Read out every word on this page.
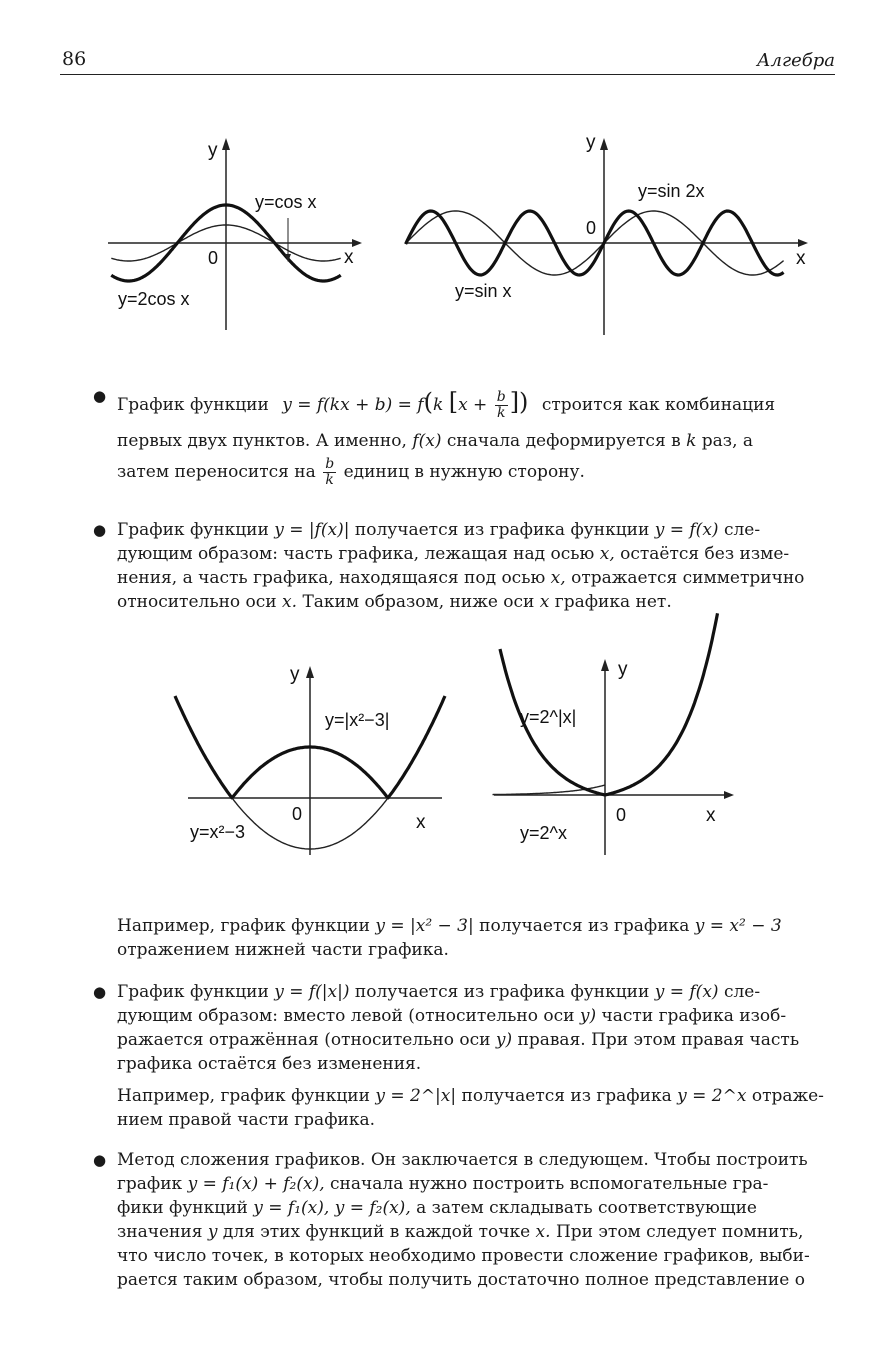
86	Алгебра
y
x
0
y=cos x
y=2cos x
y
x
0
y=sin 2x
y=sin x
● График функции y = f(kx + b) = f(k [$x + \frac{b}{k}$ ]) строится как комбинация
первых двух пунктов. А именно, f(x) сначала деформируется в k раз, а
затем переносится на $\frac{b}{k}$ единиц в нужную сторону.
● График функции y = |f(x)| получается из графика функции y = f(x) сле-
дующим образом: часть графика, лежащая над осью x, остаётся без изме-
нения, а часть графика, находящаяся под осью x, отражается симметрично
относительно оси x. Таким образом, ниже оси x графика нет.
y
x
0
y=|x²−3|
y=x²−3
y
x
0
y=2^|x|
y=2^x
Например, график функции y = |x² − 3| получается из графика y = x² − 3
отражением нижней части графика.
● График функции y = f(|x|) получается из графика функции y = f(x) сле-
дующим образом: вместо левой (относительно оси y) части графика изоб-
ражается отражённая (относительно оси y) правая. При этом правая часть
графика остаётся без изменения.
Например, график функции y = 2^|x| получается из графика y = 2^x отраже-
нием правой части графика.
● Метод сложения графиков. Он заключается в следующем. Чтобы построить
график y = f₁(x) + f₂(x), сначала нужно построить вспомогательные гра-
фики функций y = f₁(x), y = f₂(x), а затем складывать соответствующие
значения y для этих функций в каждой точке x. При этом следует помнить,
что число точек, в которых необходимо провести сложение графиков, выби-
рается таким образом, чтобы получить достаточно полное представление о
